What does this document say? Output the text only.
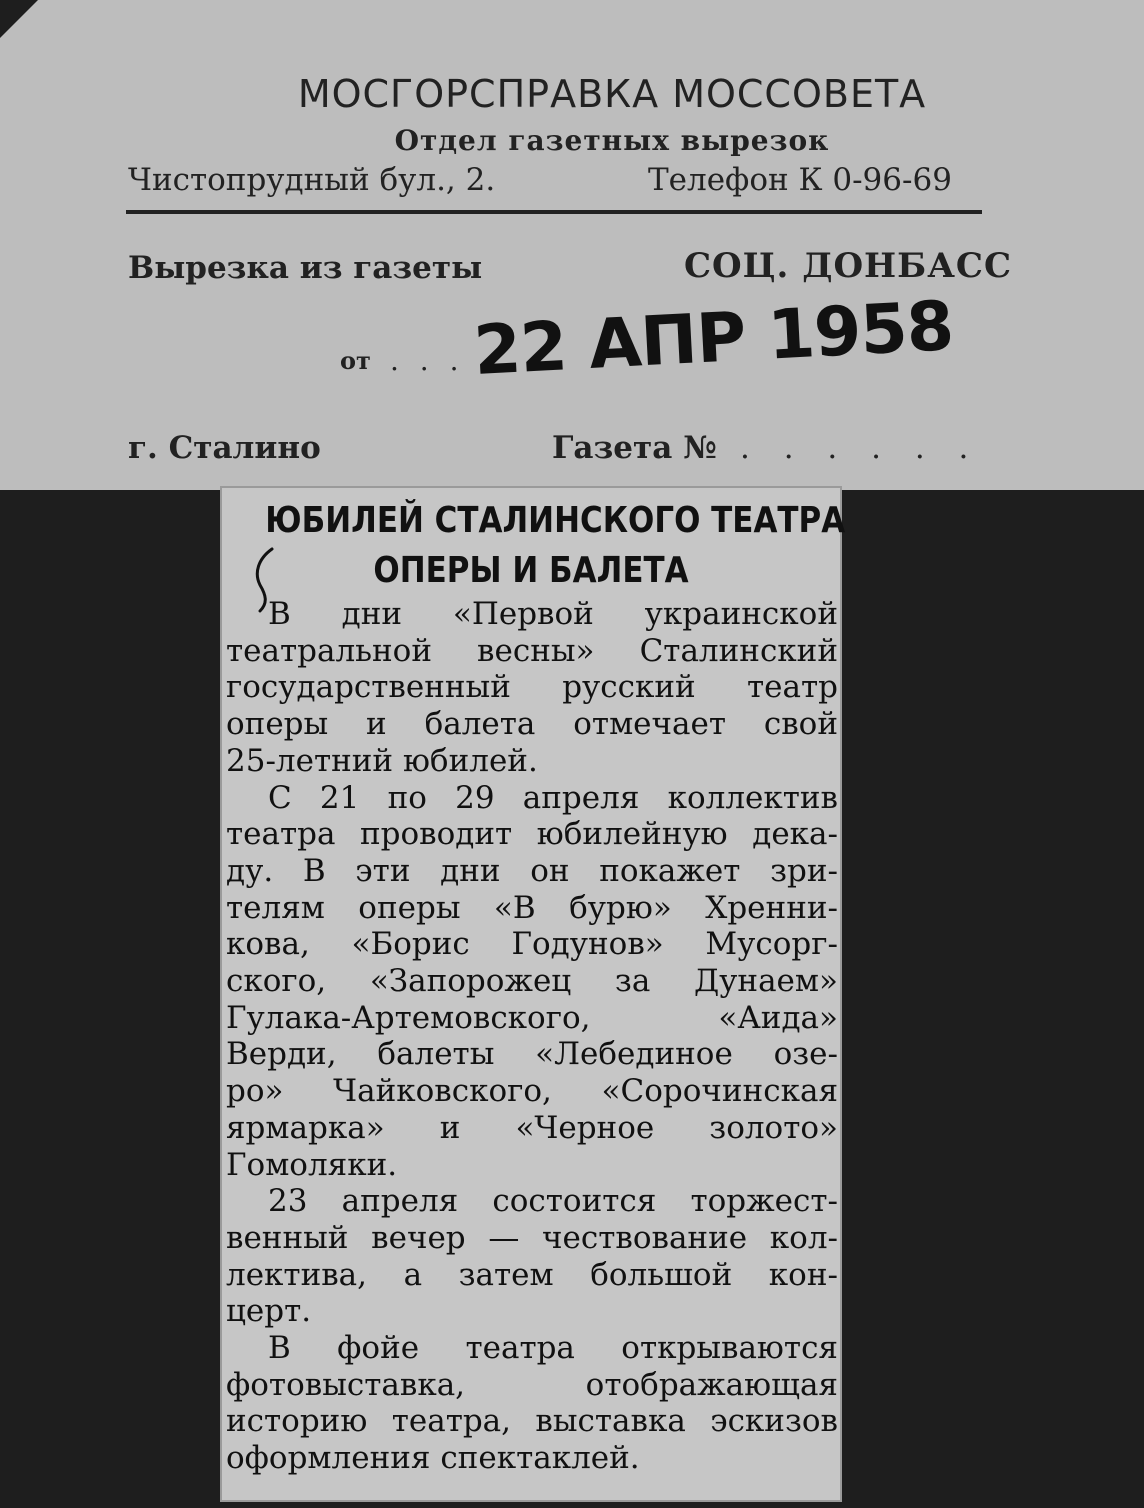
МОСГОРСПРАВКА МОССОВЕТА
Отдел газетных вырезок
Чистопрудный бул., 2.	Телефон К 0-96-69
Вырезка из газеты	СОЦ. ДОНБАСС
от . . . 22 АПР 1958
г. Сталино	Газета № . . . . . .
ЮБИЛЕЙ СТАЛИНСКОГО ТЕАТРА
ОПЕРЫ И БАЛЕТА
В дни «Первой украинской
театральной весны» Сталинский
государственный русский театр
оперы и балета отмечает свой
25-летний юбилей.
С 21 по 29 апреля коллектив
театра проводит юбилейную дека-
ду. В эти дни он покажет зри-
телям оперы «В бурю» Хренни-
кова, «Борис Годунов» Мусорг-
ского, «Запорожец за Дунаем»
Гулака-Артемовского, «Аида»
Верди, балеты «Лебединое озе-
ро» Чайковского, «Сорочинская
ярмарка» и «Черное золото»
Гомоляки.
23 апреля состоится торжест-
венный вечер — чествование кол-
лектива, а затем большой кон-
церт.
В фойе театра открываются
фотовыставка, отображающая
историю театра, выставка эскизов
оформления спектаклей.
